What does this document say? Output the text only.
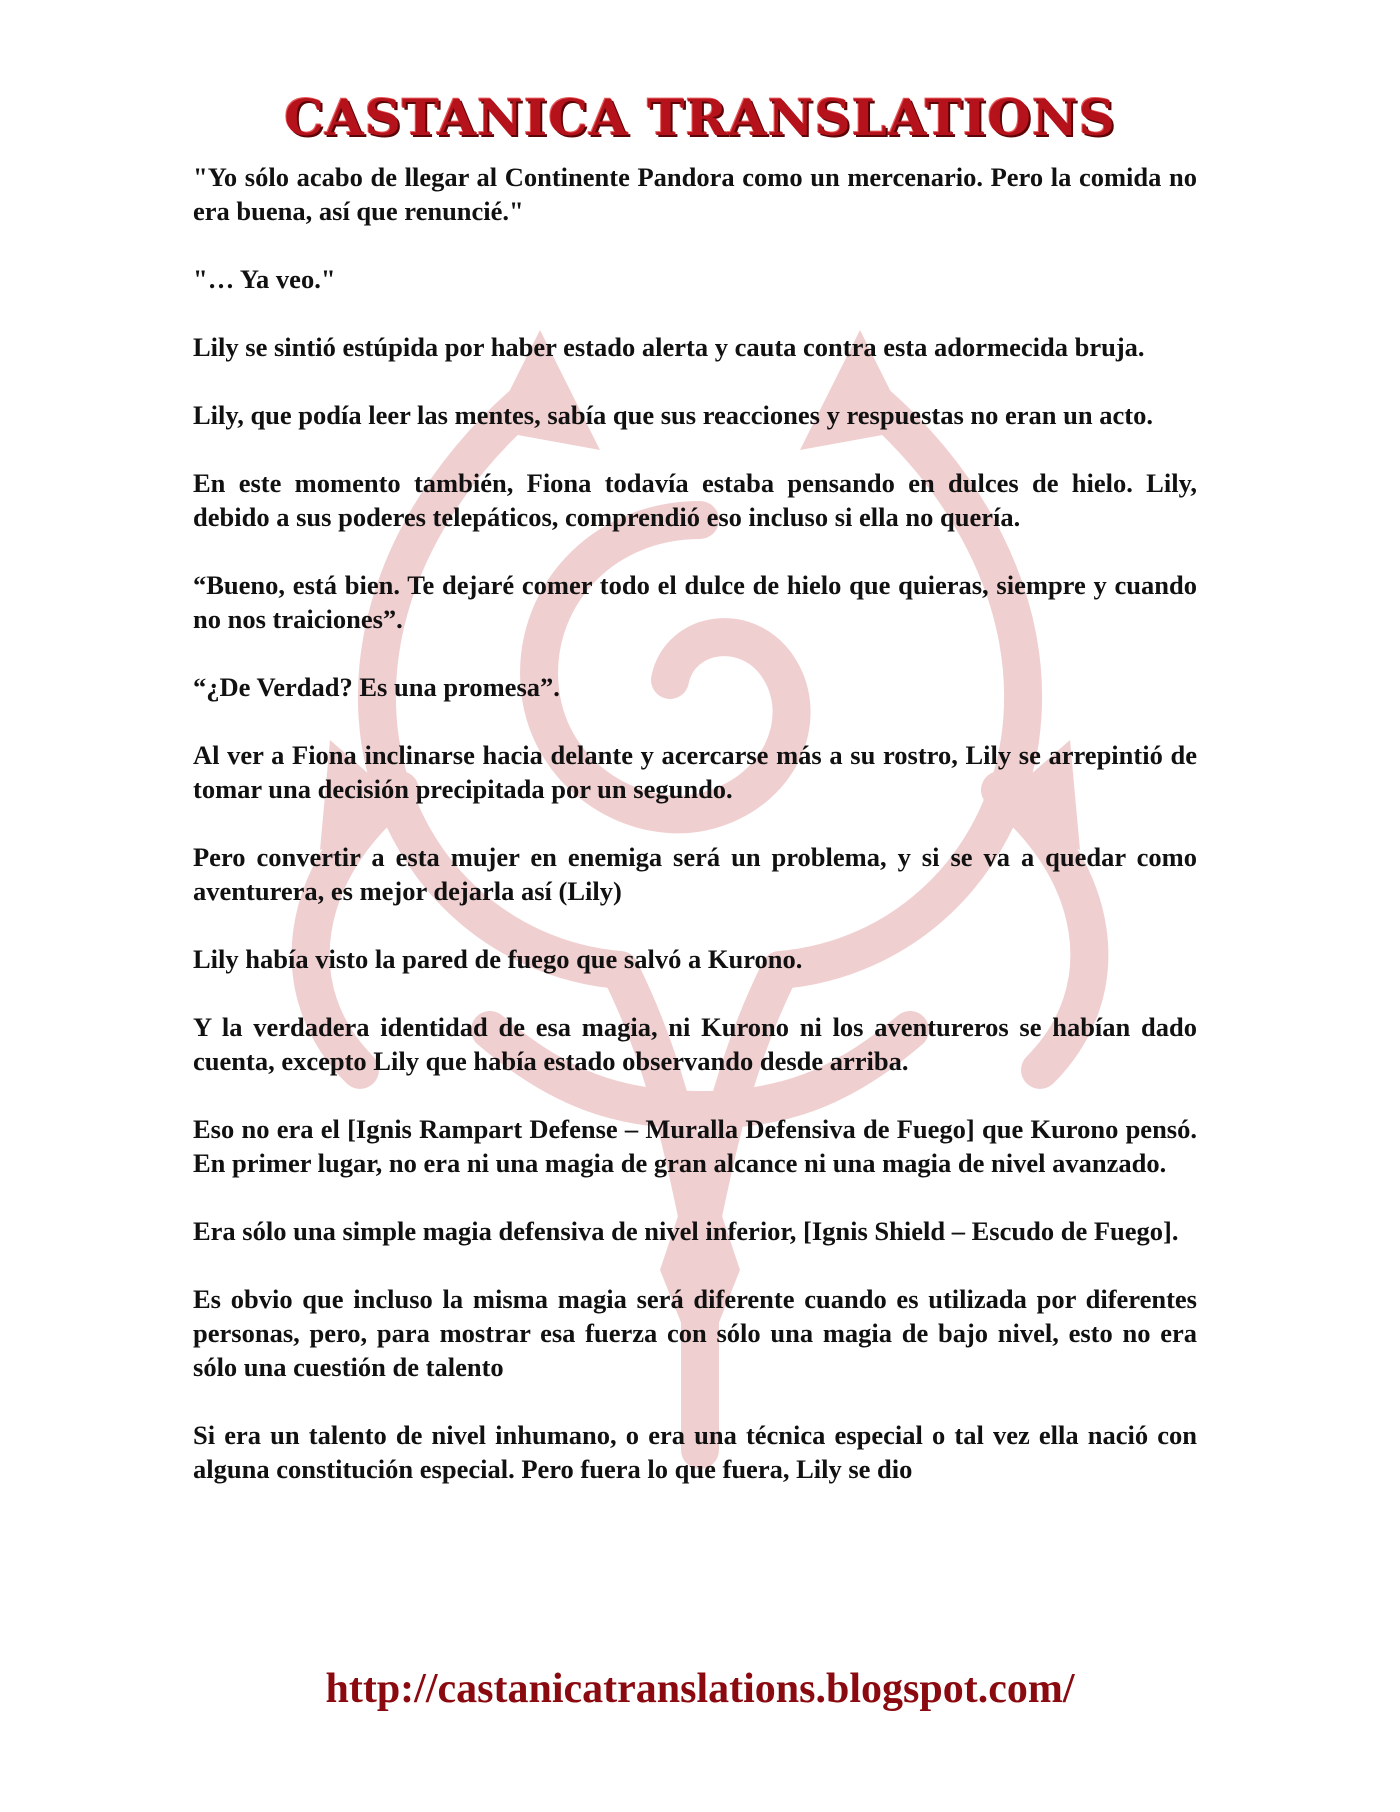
CASTANICA TRANSLATIONS

"Yo sólo acabo de llegar al Continente Pandora como un mercenario. Pero la comida no era buena, así que renuncié."

"… Ya veo."

Lily se sintió estúpida por haber estado alerta y cauta contra esta adormecida bruja.

Lily, que podía leer las mentes, sabía que sus reacciones y respuestas no eran un acto.

En este momento también, Fiona todavía estaba pensando en dulces de hielo. Lily, debido a sus poderes telepáticos, comprendió eso incluso si ella no quería.

“Bueno, está bien. Te dejaré comer todo el dulce de hielo que quieras, siempre y cuando no nos traiciones”.

“¿De Verdad? Es una promesa”.

Al ver a Fiona inclinarse hacia delante y acercarse más a su rostro, Lily se arrepintió de tomar una decisión precipitada por un segundo.

Pero convertir a esta mujer en enemiga será un problema, y si se va a quedar como aventurera, es mejor dejarla así (Lily)

Lily había visto la pared de fuego que salvó a Kurono.

Y la verdadera identidad de esa magia, ni Kurono ni los aventureros se habían dado cuenta, excepto Lily que había estado observando desde arriba.

Eso no era el [Ignis Rampart Defense – Muralla Defensiva de Fuego] que Kurono pensó. En primer lugar, no era ni una magia de gran alcance ni una magia de nivel avanzado.

Era sólo una simple magia defensiva de nivel inferior, [Ignis Shield – Escudo de Fuego].

Es obvio que incluso la misma magia será diferente cuando es utilizada por diferentes personas, pero, para mostrar esa fuerza con sólo una magia de bajo nivel, esto no era sólo una cuestión de talento

Si era un talento de nivel inhumano, o era una técnica especial o tal vez ella nació con alguna constitución especial. Pero fuera lo que fuera, Lily se dio

http://castanicatranslations.blogspot.com/
